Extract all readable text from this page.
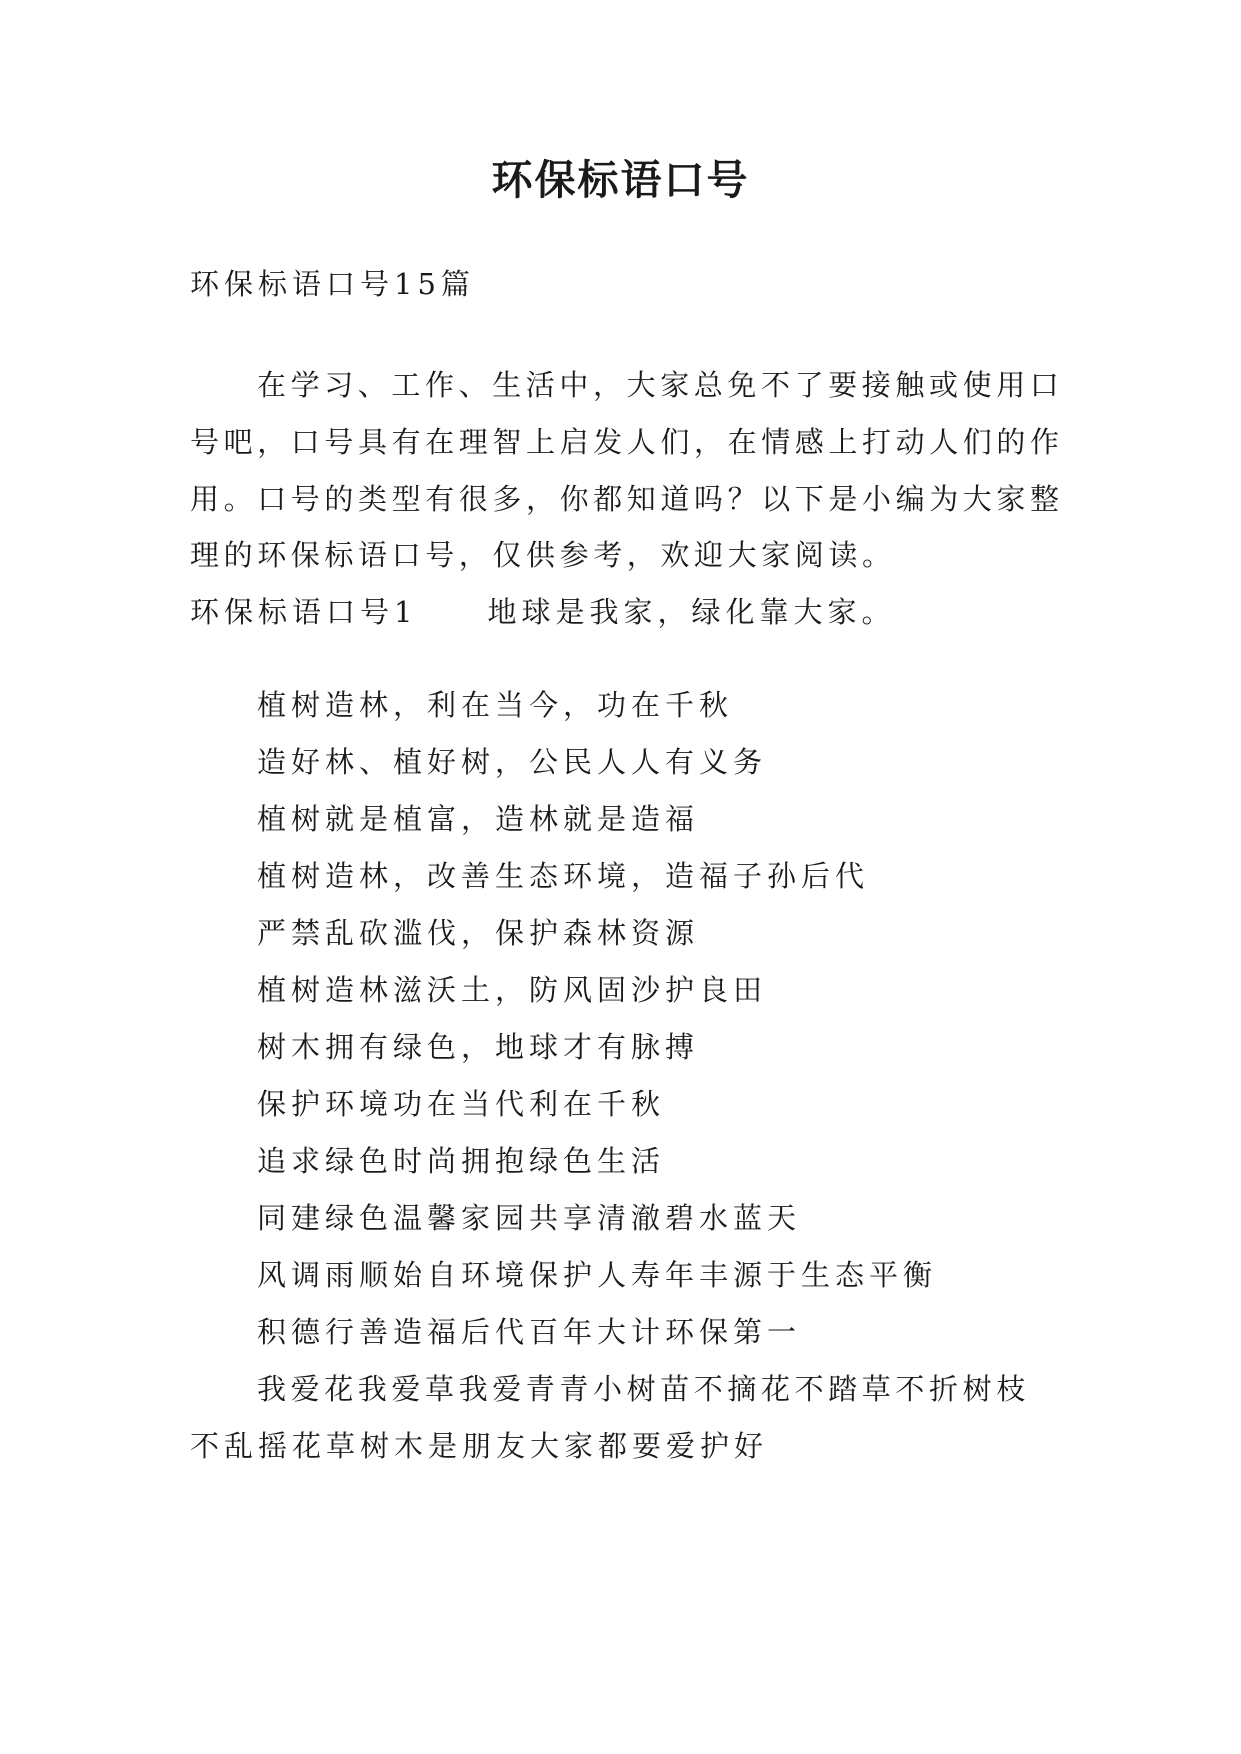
环保标语口号
环保标语口号15篇
在学习、工作、生活中，大家总免不了要接触或使用口
号吧，口号具有在理智上启发人们，在情感上打动人们的作
用。口号的类型有很多，你都知道吗？以下是小编为大家整
理的环保标语口号，仅供参考，欢迎大家阅读。
环保标语口号1 地球是我家，绿化靠大家。
植树造林，利在当今，功在千秋
造好林、植好树，公民人人有义务
植树就是植富，造林就是造福
植树造林，改善生态环境，造福子孙后代
严禁乱砍滥伐，保护森林资源
植树造林滋沃土，防风固沙护良田
树木拥有绿色，地球才有脉搏
保护环境功在当代利在千秋
追求绿色时尚拥抱绿色生活
同建绿色温馨家园共享清澈碧水蓝天
风调雨顺始自环境保护人寿年丰源于生态平衡
积德行善造福后代百年大计环保第一
我爱花我爱草我爱青青小树苗不摘花不踏草不折树枝
不乱摇花草树木是朋友大家都要爱护好
